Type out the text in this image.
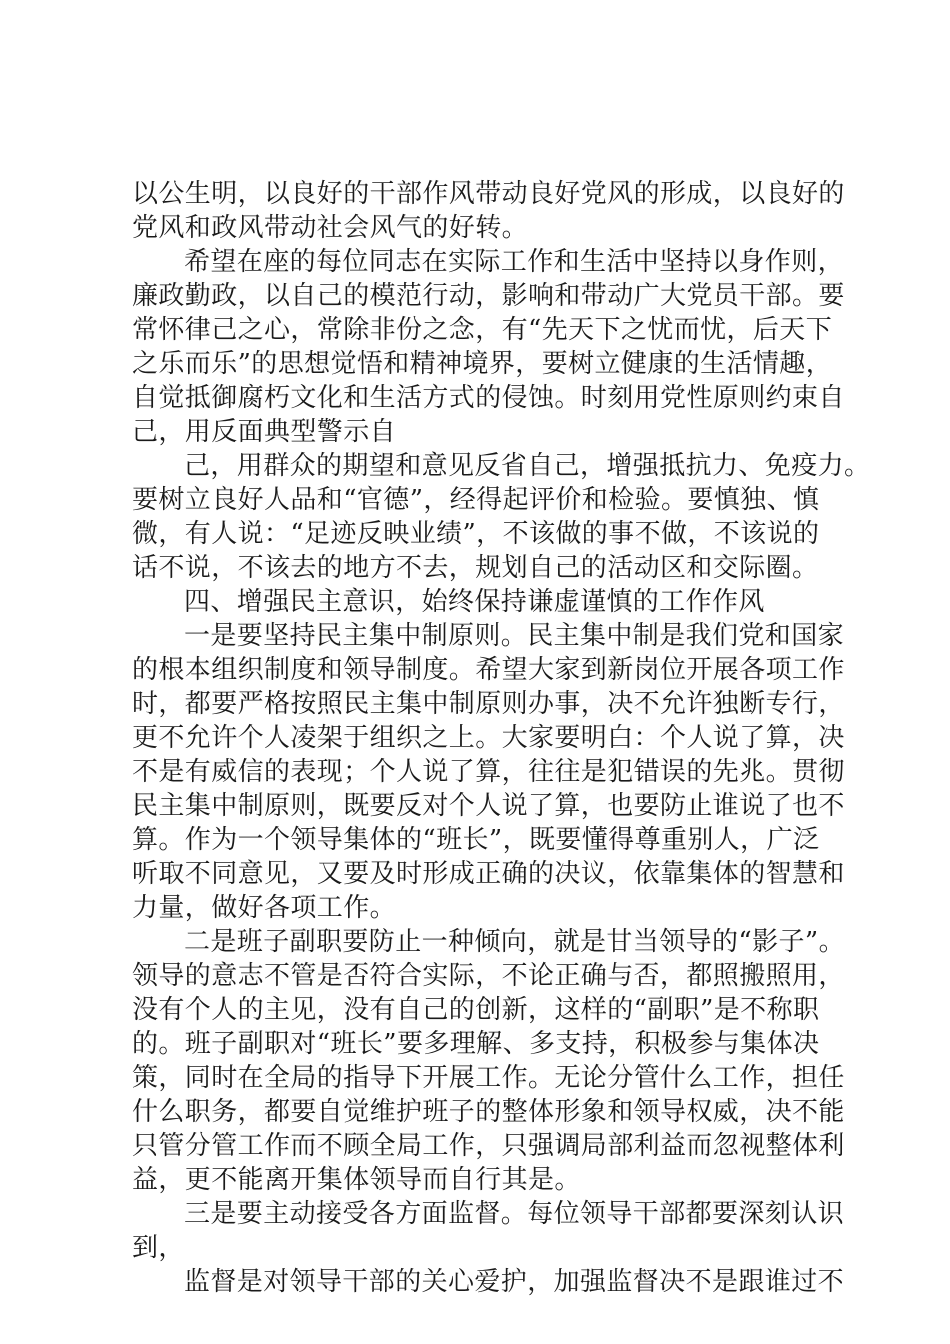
以公生明，以良好的干部作风带动良好党风的形成，以良好的
党风和政风带动社会风气的好转。
希望在座的每位同志在实际工作和生活中坚持以身作则，
廉政勤政，以自己的模范行动，影响和带动广大党员干部。要
常怀律己之心，常除非份之念，有“先天下之忧而忧，后天下
之乐而乐”的思想觉悟和精神境界，要树立健康的生活情趣，
自觉抵御腐朽文化和生活方式的侵蚀。时刻用党性原则约束自
己，用反面典型警示自
己，用群众的期望和意见反省自己，增强抵抗力、免疫力。
要树立良好人品和“官德”，经得起评价和检验。要慎独、慎
微，有人说：“足迹反映业绩”，不该做的事不做，不该说的
话不说，不该去的地方不去，规划自己的活动区和交际圈。
四、增强民主意识，始终保持谦虚谨慎的工作作风
一是要坚持民主集中制原则。民主集中制是我们党和国家
的根本组织制度和领导制度。希望大家到新岗位开展各项工作
时，都要严格按照民主集中制原则办事，决不允许独断专行，
更不允许个人凌架于组织之上。大家要明白：个人说了算，决
不是有威信的表现；个人说了算，往往是犯错误的先兆。贯彻
民主集中制原则，既要反对个人说了算，也要防止谁说了也不
算。作为一个领导集体的“班长”，既要懂得尊重别人，广泛
听取不同意见，又要及时形成正确的决议，依靠集体的智慧和
力量，做好各项工作。
二是班子副职要防止一种倾向，就是甘当领导的“影子”。
领导的意志不管是否符合实际，不论正确与否，都照搬照用，
没有个人的主见，没有自己的创新，这样的“副职”是不称职
的。班子副职对“班长”要多理解、多支持，积极参与集体决
策，同时在全局的指导下开展工作。无论分管什么工作，担任
什么职务，都要自觉维护班子的整体形象和领导权威，决不能
只管分管工作而不顾全局工作，只强调局部利益而忽视整体利
益，更不能离开集体领导而自行其是。
三是要主动接受各方面监督。每位领导干部都要深刻认识
到，
监督是对领导干部的关心爱护，加强监督决不是跟谁过不
